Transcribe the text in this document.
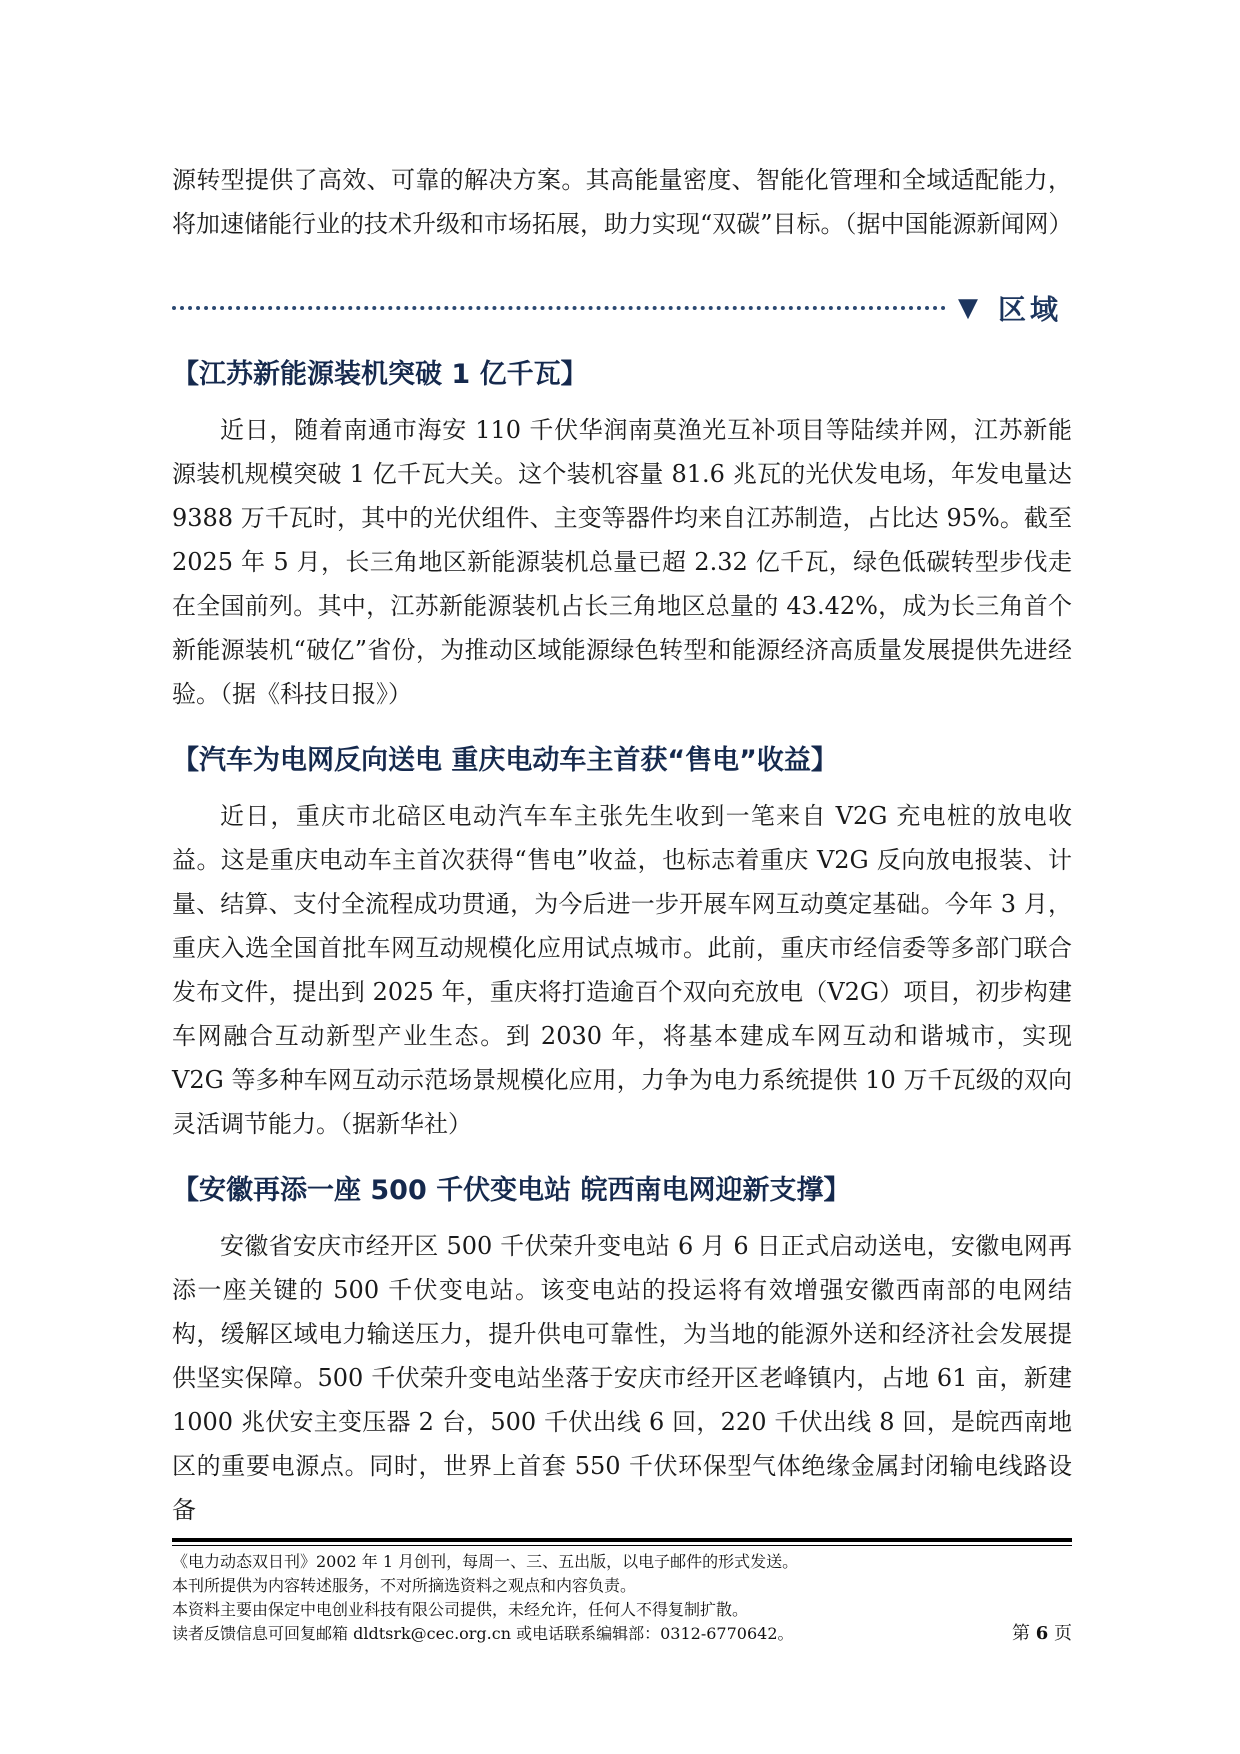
源转型提供了高效、可靠的解决方案。其高能量密度、智能化管理和全域适配能力，将加速储能行业的技术升级和市场拓展，助力实现“双碳”目标。（据中国能源新闻网）

▼ 区域
【江苏新能源装机突破 1 亿千瓦】

近日，随着南通市海安 110 千伏华润南莫渔光互补项目等陆续并网，江苏新能源装机规模突破 1 亿千瓦大关。这个装机容量 81.6 兆瓦的光伏发电场，年发电量达 9388 万千瓦时，其中的光伏组件、主变等器件均来自江苏制造，占比达 95%。截至 2025 年 5 月，长三角地区新能源装机总量已超 2.32 亿千瓦，绿色低碳转型步伐走在全国前列。其中，江苏新能源装机占长三角地区总量的 43.42%，成为长三角首个新能源装机“破亿”省份，为推动区域能源绿色转型和能源经济高质量发展提供先进经验。（据《科技日报》）

【汽车为电网反向送电 重庆电动车主首获“售电”收益】

近日，重庆市北碚区电动汽车车主张先生收到一笔来自 V2G 充电桩的放电收益。这是重庆电动车主首次获得“售电”收益，也标志着重庆 V2G 反向放电报装、计量、结算、支付全流程成功贯通，为今后进一步开展车网互动奠定基础。今年 3 月，重庆入选全国首批车网互动规模化应用试点城市。此前，重庆市经信委等多部门联合发布文件，提出到 2025 年，重庆将打造逾百个双向充放电（V2G）项目，初步构建车网融合互动新型产业生态。到 2030 年，将基本建成车网互动和谐城市，实现 V2G 等多种车网互动示范场景规模化应用，力争为电力系统提供 10 万千瓦级的双向灵活调节能力。（据新华社）

【安徽再添一座 500 千伏变电站 皖西南电网迎新支撑】

安徽省安庆市经开区 500 千伏荣升变电站 6 月 6 日正式启动送电，安徽电网再添一座关键的 500 千伏变电站。该变电站的投运将有效增强安徽西南部的电网结构，缓解区域电力输送压力，提升供电可靠性，为当地的能源外送和经济社会发展提供坚实保障。500 千伏荣升变电站坐落于安庆市经开区老峰镇内，占地 61 亩，新建 1000 兆伏安主变压器 2 台，500 千伏出线 6 回，220 千伏出线 8 回，是皖西南地区的重要电源点。同时，世界上首套 550 千伏环保型气体绝缘金属封闭输电线路设备

《电力动态双日刊》2002 年 1 月创刊，每周一、三、五出版，以电子邮件的形式发送。
本刊所提供为内容转述服务，不对所摘选资料之观点和内容负责。
本资料主要由保定中电创业科技有限公司提供，未经允许，任何人不得复制扩散。
读者反馈信息可回复邮箱 dldtsrk@cec.org.cn 或电话联系编辑部：0312-6770642。	第 6 页
